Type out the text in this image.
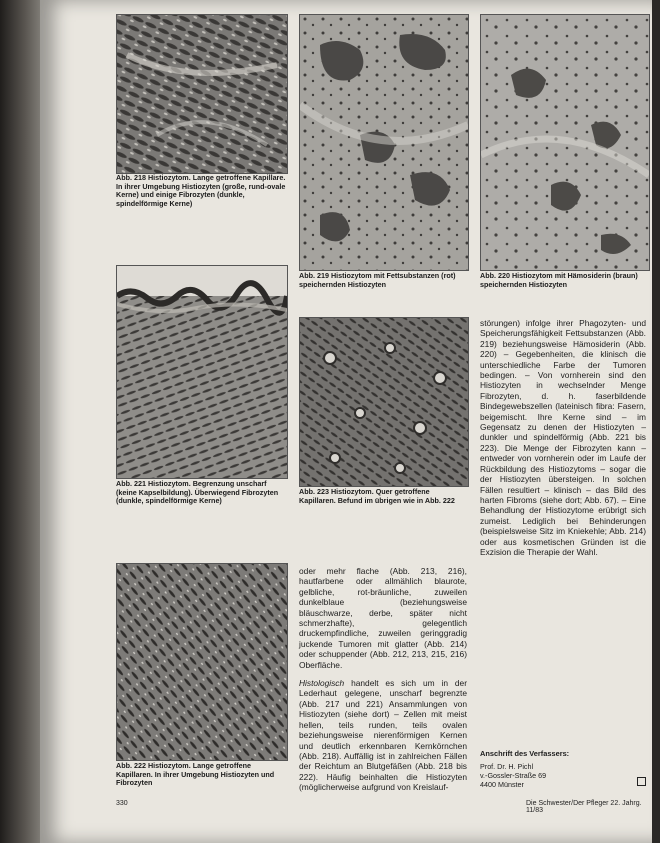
Abb. 218 Histiozytom. Lange getroffene Kapillare. In ihrer Umgebung Histiozyten (große, rund-ovale Kerne) und einige Fibrozyten (dunkle, spindelförmige Kerne)
Abb. 219 Histiozytom mit Fettsubstanzen (rot) speichernden Histiozyten
Abb. 220 Histiozytom mit Hämosiderin (braun) speichernden Histiozyten
Abb. 221 Histiozytom. Begrenzung unscharf (keine Kapselbildung). Überwiegend Fibrozyten (dunkle, spindelförmige Kerne)
Abb. 223 Histiozytom. Quer getroffene Kapillaren. Befund im übrigen wie in Abb. 222
Abb. 222 Histiozytom. Lange getroffene Kapillaren. In ihrer Umgebung Histiozyten und Fibrozyten
störungen) infolge ihrer Phagozyten- und Speicherungsfähigkeit Fettsubstanzen (Abb. 219) beziehungsweise Hämosiderin (Abb. 220) – Gegebenheiten, die klinisch die unterschiedliche Farbe der Tumoren bedingen. – Von vornherein sind den Histiozyten in wechselnder Menge Fibrozyten, d. h. faserbildende Bindegewebszellen (lateinisch fibra: Fasern, beigemischt. Ihre Kerne sind – im Gegensatz zu denen der Histiozyten – dunkler und spindelförmig (Abb. 221 bis 223). Die Menge der Fibrozyten kann – entweder von vornherein oder im Laufe der Rückbildung des Histiozytoms – sogar die der Histiozyten übersteigen. In solchen Fällen resultiert – klinisch – das Bild des harten Fibroms (siehe dort; Abb. 67). – Eine Behandlung der Histiozytome erübrigt sich zumeist. Lediglich bei Behinderungen (beispielsweise Sitz im Kniekehle; Abb. 214) oder aus kosmetischen Gründen ist die Exzision die Therapie der Wahl.
oder mehr flache (Abb. 213, 216), hautfarbene oder allmählich blaurote, gelbliche, rot-bräunliche, zuweilen dunkelblaue (beziehungsweise bläuschwarze, derbe, später nicht schmerzhafte), gelegentlich druckempfindliche, zuweilen geringgradig juckende Tumoren mit glatter (Abb. 214) oder schuppender (Abb. 212, 213, 215, 216) Oberfläche.
Histologisch handelt es sich um in der Lederhaut gelegene, unscharf begrenzte (Abb. 217 und 221) Ansammlungen von Histiozyten (siehe dort) – Zellen mit meist hellen, teils runden, teils ovalen beziehungsweise nierenförmigen Kernen und deutlich erkennbaren Kernkörnchen (Abb. 218). Auffällig ist in zahlreichen Fällen der Reichtum an Blutgefäßen (Abb. 218 bis 222). Häufig beinhalten die Histiozyten (möglicherweise aufgrund von Kreislauf-
Anschrift des Verfassers:
Prof. Dr. H. Pichl
v.-Gossler-Straße 69
4400 Münster
330	Die Schwester/Der Pfleger 22. Jahrg. 11/83
